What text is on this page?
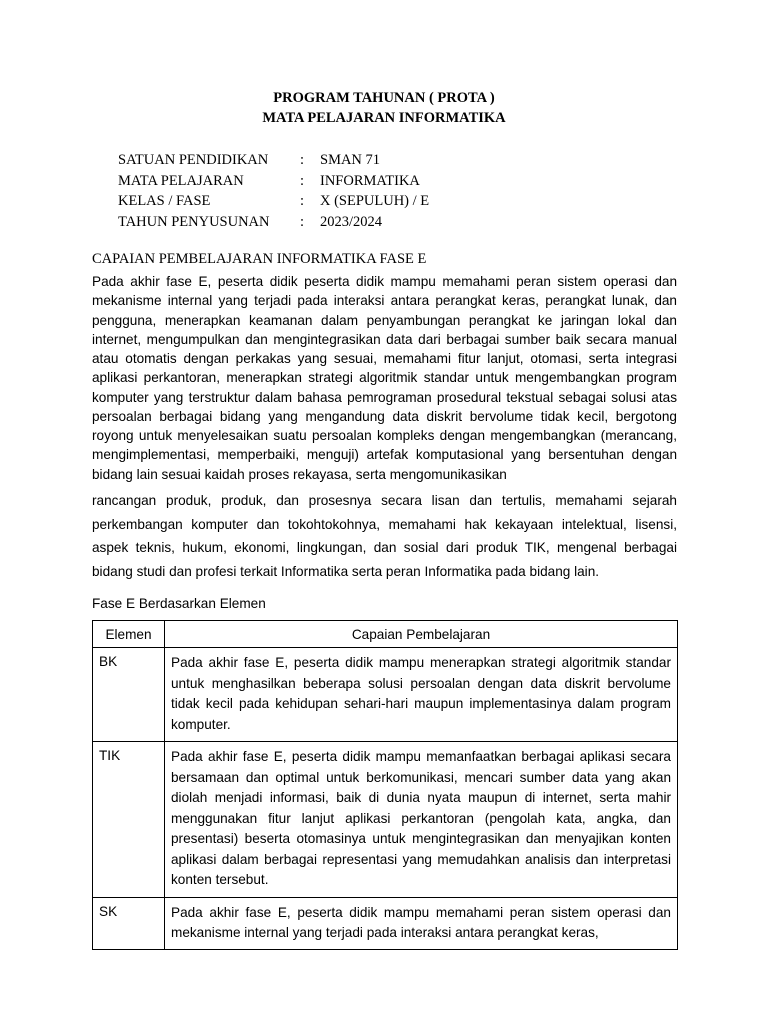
PROGRAM TAHUNAN ( PROTA )
MATA PELAJARAN INFORMATIKA
SATUAN PENDIDIKAN : SMAN 71
MATA PELAJARAN	: INFORMATIKA
KELAS / FASE	: X (SEPULUH) / E
TAHUN PENYUSUNAN : 2023/2024
CAPAIAN PEMBELAJARAN INFORMATIKA FASE E
Pada akhir fase E, peserta didik peserta didik mampu memahami peran sistem operasi dan mekanisme internal yang terjadi pada interaksi antara perangkat keras, perangkat lunak, dan pengguna, menerapkan keamanan dalam penyambungan perangkat ke jaringan lokal dan internet, mengumpulkan dan mengintegrasikan data dari berbagai sumber baik secara manual atau otomatis dengan perkakas yang sesuai, memahami fitur lanjut, otomasi, serta integrasi aplikasi perkantoran, menerapkan strategi algoritmik standar untuk mengembangkan program komputer yang terstruktur dalam bahasa pemrograman prosedural tekstual sebagai solusi atas persoalan berbagai bidang yang mengandung data diskrit bervolume tidak kecil, bergotong royong untuk menyelesaikan suatu persoalan kompleks dengan mengembangkan (merancang, mengimplementasi, memperbaiki, menguji) artefak komputasional yang bersentuhan dengan bidang lain sesuai kaidah proses rekayasa, serta mengomunikasikan
rancangan produk, produk, dan prosesnya secara lisan dan tertulis, memahami sejarah perkembangan komputer dan tokohtokohnya, memahami hak kekayaan intelektual, lisensi, aspek teknis, hukum, ekonomi, lingkungan, dan sosial dari produk TIK, mengenal berbagai bidang studi dan profesi terkait Informatika serta peran Informatika pada bidang lain.
Fase E Berdasarkan Elemen
Elemen	Capaian Pembelajaran
BK	Pada akhir fase E, peserta didik mampu menerapkan strategi algoritmik standar untuk menghasilkan beberapa solusi persoalan dengan data diskrit bervolume tidak kecil pada kehidupan sehari-hari maupun implementasinya dalam program komputer.
TIK	Pada akhir fase E, peserta didik mampu memanfaatkan berbagai aplikasi secara bersamaan dan optimal untuk berkomunikasi, mencari sumber data yang akan diolah menjadi informasi, baik di dunia nyata maupun di internet, serta mahir menggunakan fitur lanjut aplikasi perkantoran (pengolah kata, angka, dan presentasi) beserta otomasinya untuk mengintegrasikan dan menyajikan konten aplikasi dalam berbagai representasi yang memudahkan analisis dan interpretasi konten tersebut.
SK	Pada akhir fase E, peserta didik mampu memahami peran sistem operasi dan mekanisme internal yang terjadi pada interaksi antara perangkat keras,
